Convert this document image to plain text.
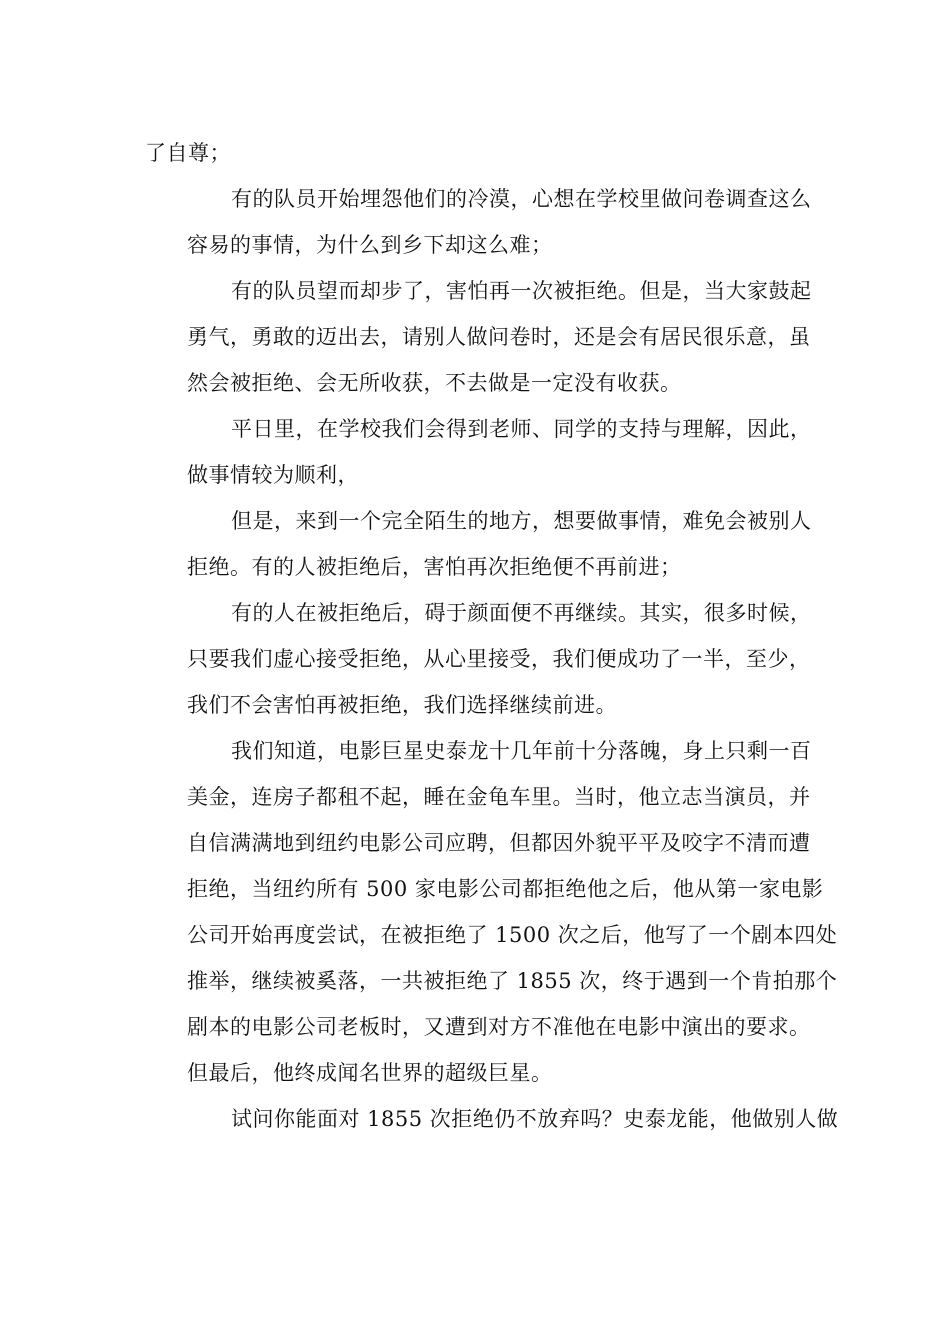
了自尊；
有的队员开始埋怨他们的冷漠，心想在学校里做问卷调查这么
容易的事情，为什么到乡下却这么难；
有的队员望而却步了，害怕再一次被拒绝。但是，当大家鼓起
勇气，勇敢的迈出去，请别人做问卷时，还是会有居民很乐意，虽
然会被拒绝、会无所收获，不去做是一定没有收获。
平日里，在学校我们会得到老师、同学的支持与理解，因此，
做事情较为顺利，
但是，来到一个完全陌生的地方，想要做事情，难免会被别人
拒绝。有的人被拒绝后，害怕再次拒绝便不再前进；
有的人在被拒绝后，碍于颜面便不再继续。其实，很多时候，
只要我们虚心接受拒绝，从心里接受，我们便成功了一半，至少，
我们不会害怕再被拒绝，我们选择继续前进。
我们知道，电影巨星史泰龙十几年前十分落魄，身上只剩一百
美金，连房子都租不起，睡在金龟车里。当时，他立志当演员，并
自信满满地到纽约电影公司应聘，但都因外貌平平及咬字不清而遭
拒绝，当纽约所有 500 家电影公司都拒绝他之后，他从第一家电影
公司开始再度尝试，在被拒绝了 1500 次之后，他写了一个剧本四处
推举，继续被奚落，一共被拒绝了 1855 次，终于遇到一个肯拍那个
剧本的电影公司老板时，又遭到对方不准他在电影中演出的要求。
但最后，他终成闻名世界的超级巨星。
试问你能面对 1855 次拒绝仍不放弃吗？史泰龙能，他做别人做
